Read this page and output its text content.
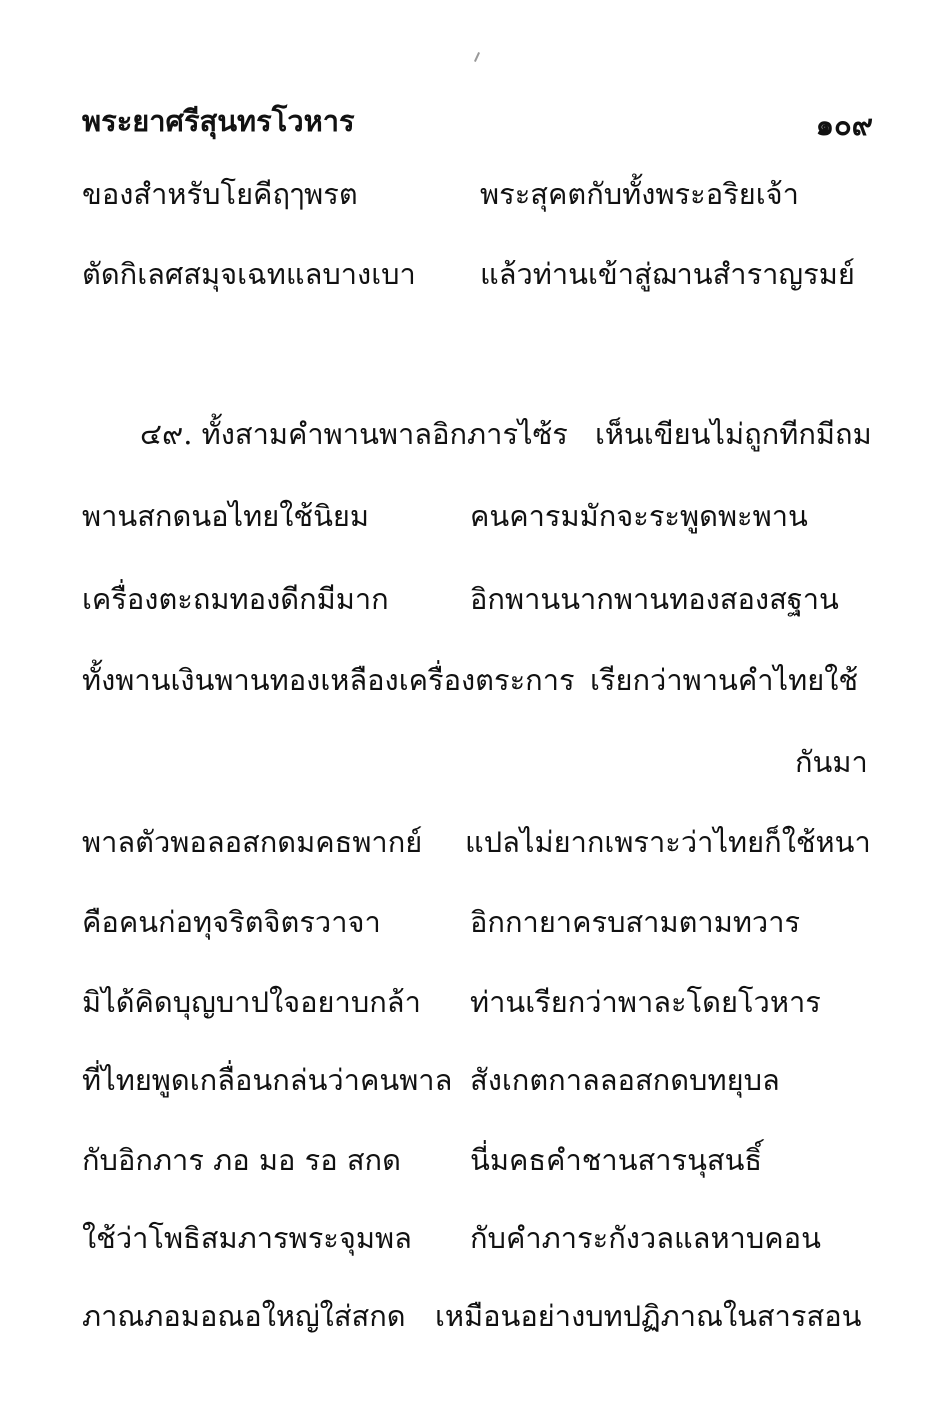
พระยาศรีสุนทรโวหาร	๑๐๙
ของสำหรับโยคีฤๅพรต	พระสุคตกับทั้งพระอริยเจ้า
ตัดกิเลศสมุจเฉทแลบางเบา แล้วท่านเข้าสู่ฌานสำราญรมย์
๔๙. ทั้งสามคำพานพาลอิกภารไซ้ร เห็นเขียนไม่ถูกทีกมีถม
พานสกดนอไทยใช้นิยม	คนคารมมักจะระพูดพะพาน
เครื่องตะถมทองดีกมีมาก	อิกพานนากพานทองสองสฐาน
ทั้งพานเงินพานทองเหลืองเครื่องตระการ เรียกว่าพานคำไทยใช้
กันมา
พาลตัวพอลอสกดมคธพากย์ แปลไม่ยากเพราะว่าไทยก็ใช้หนา
คือคนก่อทุจริตจิตรวาจา	อิกกายาครบสามตามทวาร
มิได้คิดบุญบาปใจอยาบกล้า ท่านเรียกว่าพาละโดยโวหาร
ที่ไทยพูดเกลื่อนกล่นว่าคนพาล สังเกตกาลลอสกดบทยุบล
กับอิกภาร ภอ มอ รอ สกด นี่มคธคำชานสารนุสนธิ์
ใช้ว่าโพธิสมภารพระจุมพล กับคำภาระกังวลแลหาบคอน
ภาณภอมอณอใหญ่ใส่สกด เหมือนอย่างบทปฏิภาณในสารสอน
